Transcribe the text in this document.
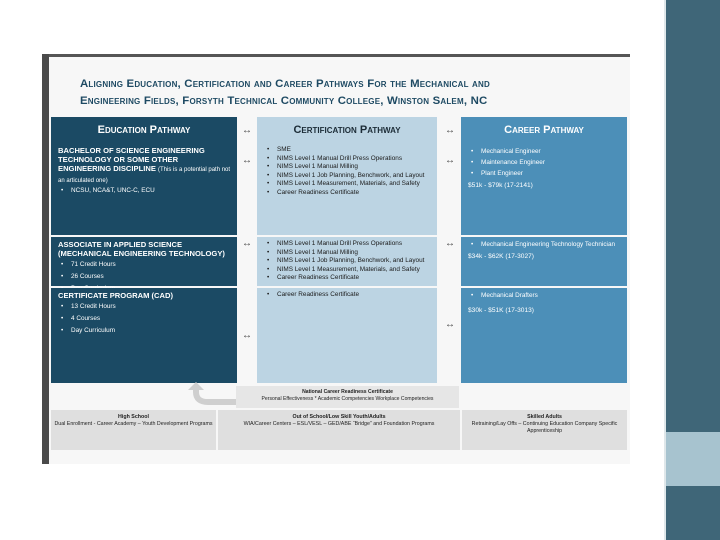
Aligning Education, Certification and Career Pathways For the Mechanical and
Engineering Fields, Forsyth Technical Community College, Winston Salem, NC
Education Pathway	Certification Pathway	Career Pathway
↔	↔
↔	↔
↔	↔
↔
↔
BACHELOR OF SCIENCE ENGINEERING TECHNOLOGY OR SOME OTHER ENGINEERING DISCIPLINE (This is a potential path not an articulated one)
• NCSU, NCA&T, UNC-C, ECU
• SME
• NIMS Level 1 Manual Drill Press Operations
• NIMS Level 1 Manual Milling
• NIMS Level 1 Job Planning, Benchwork, and Layout
• NIMS Level 1 Measurement, Materials, and Safety
• Career Readiness Certificate
• Mechanical Engineer
• Maintenance Engineer
• Plant Engineer
$51k - $79k (17-2141)
ASSOCIATE IN APPLIED SCIENCE (MECHANICAL ENGINEERING TECHNOLOGY)
• 71 Credit Hours
• 26 Courses
•
• NIMS Level 1 Manual Drill Press Operations
• NIMS Level 1 Manual Milling
• NIMS Level 1 Job Planning, Benchwork, and Layout
• NIMS Level 1 Measurement, Materials, and Safety
• Career Readiness Certificate
• Mechanical Engineering Technology Technician
$34k - $62K (17-3027)
CERTIFICATE PROGRAM (CAD)
• 13 Credit Hours
• 4 Courses
• Day Curriculum
• Career Readiness Certificate
•	Mechanical Drafters
$30k - $51K (17-3013)
National Career Readiness Certificate
Personal Effectiveness * Academic Competencies Workplace Competencies
High School
Dual Enrollment - Career Academy – Youth Development Programs
Out of School/Low Skill Youth/Adults
WIA/Career Centers – ESL/VESL – GED/ABE “Bridge” and Foundation Programs
Skilled Adults
Retraining/Lay Offs – Continuing Education Company Specific Apprenticeship
